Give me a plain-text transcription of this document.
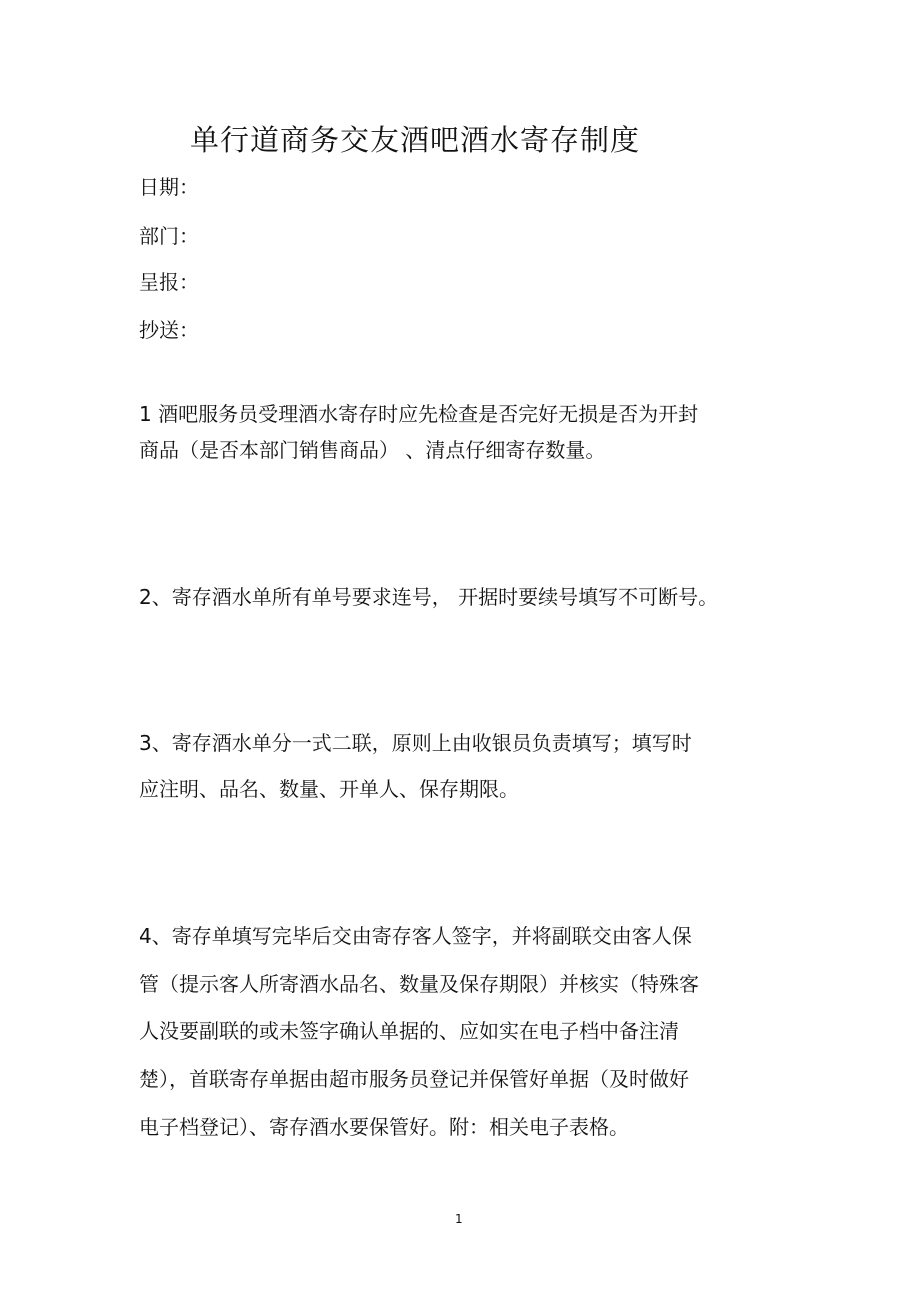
单行道商务交友酒吧酒水寄存制度
日期：
部门：
呈报：
抄送：
1 酒吧服务员受理酒水寄存时应先检查是否完好无损是否为开封
商品（是否本部门销售商品） 、清点仔细寄存数量。
2、寄存酒水单所有单号要求连号， 开据时要续号填写不可断号。
3、寄存酒水单分一式二联，原则上由收银员负责填写；填写时
应注明、品名、数量、开单人、保存期限。
4、寄存单填写完毕后交由寄存客人签字，并将副联交由客人保
管（提示客人所寄酒水品名、数量及保存期限）并核实（特殊客
人没要副联的或未签字确认单据的、应如实在电子档中备注清
楚），首联寄存单据由超市服务员登记并保管好单据（及时做好
电子档登记）、寄存酒水要保管好。附：相关电子表格。
1
